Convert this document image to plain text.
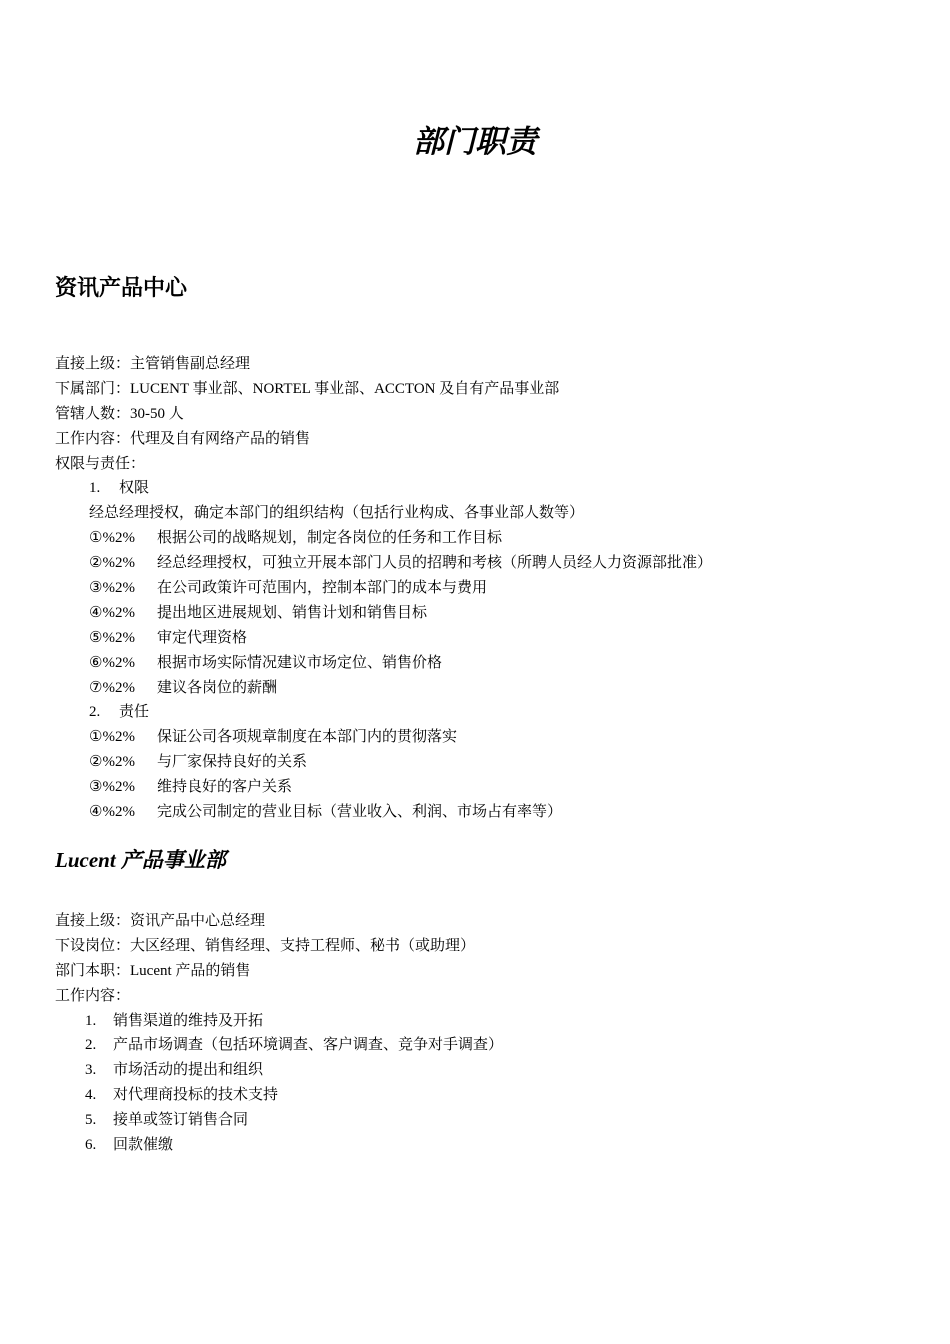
部门职责
资讯产品中心
直接上级：主管销售副总经理
下属部门：LUCENT 事业部、NORTEL 事业部、ACCTON 及自有产品事业部
管辖人数：30-50 人
工作内容：代理及自有网络产品的销售
权限与责任：
1. 权限
经总经理授权，确定本部门的组织结构（包括行业构成、各事业部人数等）
①%2% 根据公司的战略规划，制定各岗位的任务和工作目标
②%2% 经总经理授权，可独立开展本部门人员的招聘和考核（所聘人员经人力资源部批准）
③%2% 在公司政策许可范围内，控制本部门的成本与费用
④%2% 提出地区进展规划、销售计划和销售目标
⑤%2% 审定代理资格
⑥%2% 根据市场实际情况建议市场定位、销售价格
⑦%2% 建议各岗位的薪酬
2. 责任
①%2% 保证公司各项规章制度在本部门内的贯彻落实
②%2% 与厂家保持良好的关系
③%2% 维持良好的客户关系
④%2% 完成公司制定的营业目标（营业收入、利润、市场占有率等）
Lucent 产品事业部
直接上级：资讯产品中心总经理
下设岗位：大区经理、销售经理、支持工程师、秘书（或助理）
部门本职：Lucent 产品的销售
工作内容：
1. 销售渠道的维持及开拓
2. 产品市场调查（包括环境调查、客户调查、竞争对手调查）
3. 市场活动的提出和组织
4. 对代理商投标的技术支持
5. 接单或签订销售合同
6. 回款催缴
